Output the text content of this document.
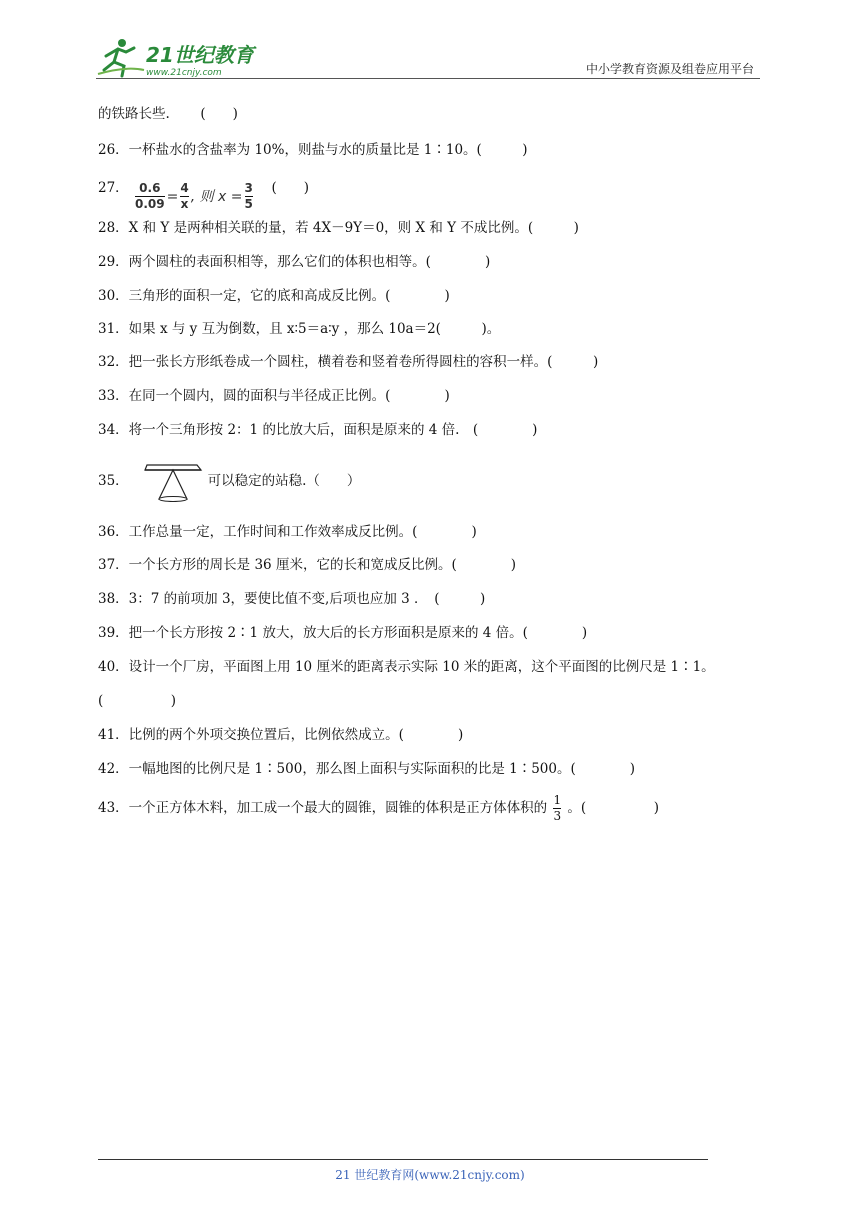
21世纪教育
www.21cnjy.com	中小学教育资源及组卷应用平台
的铁路长些. (　　)
26．一杯盐水的含盐率为 10%，则盐与水的质量比是 1∶10。(　　　)
27． $\frac{0.6}{0.09} = \frac{4}{x}$ , 则 $x = \frac{3}{5}$ (　　)
28．X 和 Y 是两种相关联的量，若 4X－9Y＝0，则 X 和 Y 不成比例。(　　　)
29．两个圆柱的表面积相等，那么它们的体积也相等。(　　　　)
30．三角形的面积一定，它的底和高成反比例。(　　　　)
31．如果 x 与 y 互为倒数，且 x∶5＝a∶y ，那么 10a＝2(　　　)。
32．把一张长方形纸卷成一个圆柱，横着卷和竖着卷所得圆柱的容积一样。(　　　)
33．在同一个圆内，圆的面积与半径成正比例。(　　　　)
34．将一个三角形按 2：1 的比放大后，面积是原来的 4 倍.　(　　　　)
35．	可以稳定的站稳.（　　）
36．工作总量一定，工作时间和工作效率成反比例。(　　　　)
37．一个长方形的周长是 36 厘米，它的长和宽成反比例。(　　　　)
38．3：7 的前项加 3，要使比值不变,后项也应加 3 ．　(　　　)
39．把一个长方形按 2∶1 放大，放大后的长方形面积是原来的 4 倍。(　　　　)
40．设计一个厂房，平面图上用 10 厘米的距离表示实际 10 米的距离，这个平面图的比例尺是 1∶1。
(　　　　　)
41．比例的两个外项交换位置后，比例依然成立。(　　　　)
42．一幅地图的比例尺是 1∶500，那么图上面积与实际面积的比是 1∶500。(　　　　)
43．一个正方体木料，加工成一个最大的圆锥，圆锥的体积是正方体体积的 $\frac{1}{3}$ 。(　　　　　)
21 世纪教育网(www.21cnjy.com)
